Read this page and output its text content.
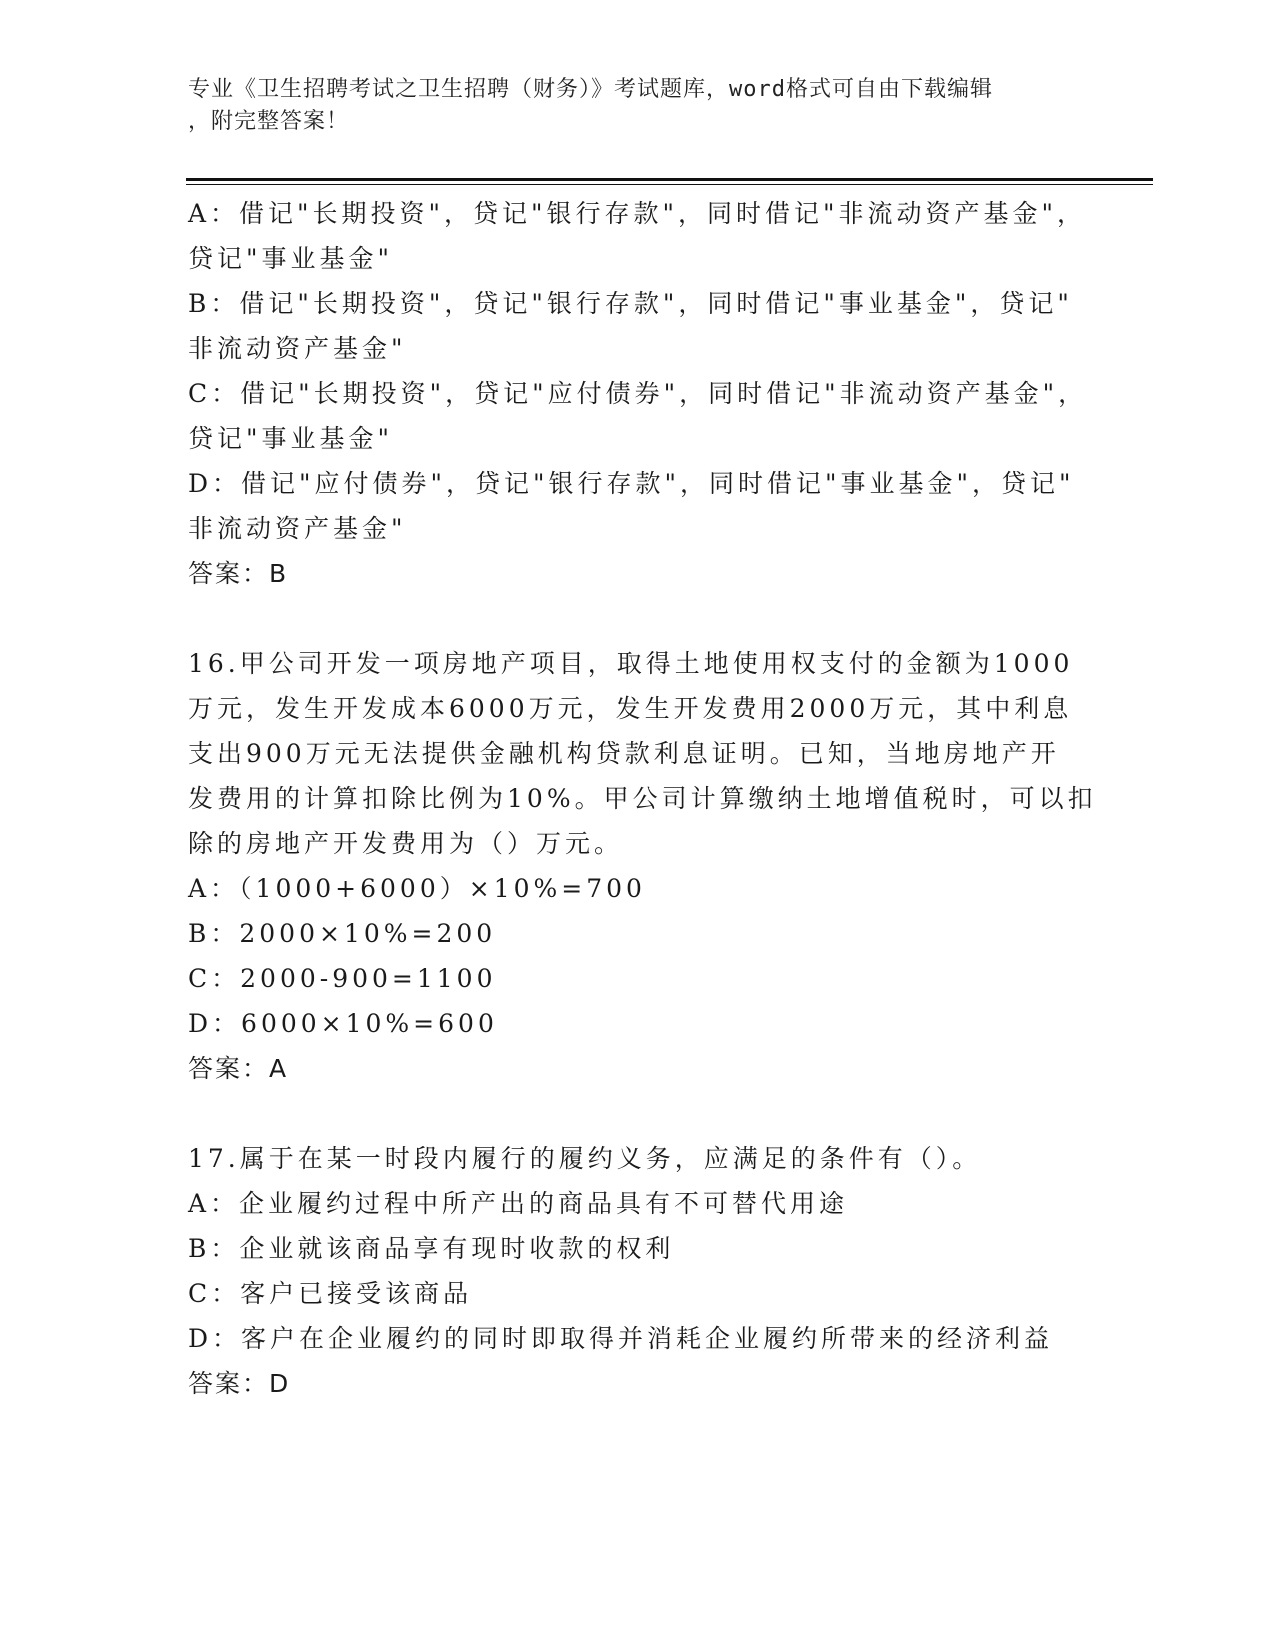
专业《卫生招聘考试之卫生招聘（财务）》考试题库，word格式可自由下载编辑
，附完整答案！
A：借记"长期投资"，贷记"银行存款"，同时借记"非流动资产基金"，
贷记"事业基金"
B：借记"长期投资"，贷记"银行存款"，同时借记"事业基金"，贷记"
非流动资产基金"
C：借记"长期投资"，贷记"应付债券"，同时借记"非流动资产基金"，
贷记"事业基金"
D：借记"应付债券"，贷记"银行存款"，同时借记"事业基金"，贷记"
非流动资产基金"
答案：B
16.甲公司开发一项房地产项目，取得土地使用权支付的金额为1000
万元，发生开发成本6000万元，发生开发费用2000万元，其中利息
支出900万元无法提供金融机构贷款利息证明。已知，当地房地产开
发费用的计算扣除比例为10%。甲公司计算缴纳土地增值税时，可以扣
除的房地产开发费用为（）万元。
A：（1000+6000）×10%=700
B：2000×10%=200
C：2000-900=1100
D：6000×10%=600
答案：A
17.属于在某一时段内履行的履约义务，应满足的条件有（）。
A：企业履约过程中所产出的商品具有不可替代用途
B：企业就该商品享有现时收款的权利
C：客户已接受该商品
D：客户在企业履约的同时即取得并消耗企业履约所带来的经济利益
答案：D
